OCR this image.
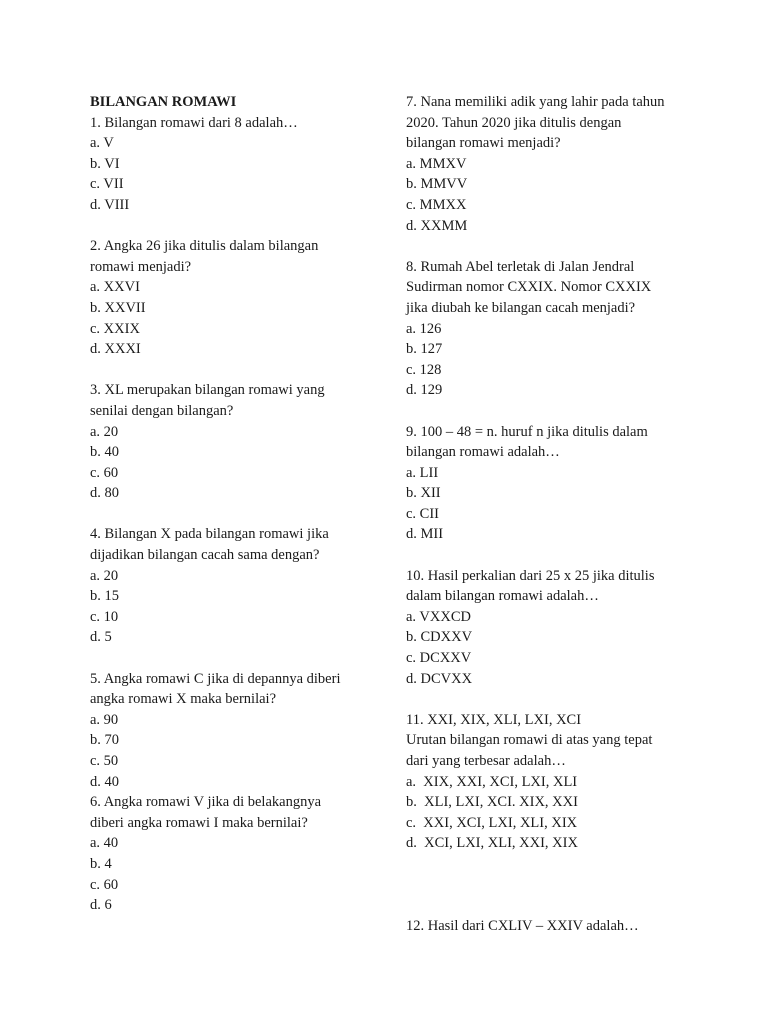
BILANGAN ROMAWI
1. Bilangan romawi dari 8 adalah…
a. V
b. VI
c. VII
d. VIII
2. Angka 26 jika ditulis dalam bilangan
romawi menjadi?
a. XXVI
b. XXVII
c. XXIX
d. XXXI
3. XL merupakan bilangan romawi yang
senilai dengan bilangan?
a. 20
b. 40
c. 60
d. 80
4. Bilangan X pada bilangan romawi jika
dijadikan bilangan cacah sama dengan?
a. 20
b. 15
c. 10
d. 5
5. Angka romawi C jika di depannya diberi
angka romawi X maka bernilai?
a. 90
b. 70
c. 50
d. 40
6. Angka romawi V jika di belakangnya
diberi angka romawi I maka bernilai?
a. 40
b. 4
c. 60
d. 6
7. Nana memiliki adik yang lahir pada tahun
2020. Tahun 2020 jika ditulis dengan
bilangan romawi menjadi?
a. MMXV
b. MMVV
c. MMXX
d. XXMM
8. Rumah Abel terletak di Jalan Jendral
Sudirman nomor CXXIX. Nomor CXXIX
jika diubah ke bilangan cacah menjadi?
a. 126
b. 127
c. 128
d. 129
9. 100 – 48 = n. huruf n jika ditulis dalam
bilangan romawi adalah…
a. LII
b. XII
c. CII
d. MII
10. Hasil perkalian dari 25 x 25 jika ditulis
dalam bilangan romawi adalah…
a. VXXCD
b. CDXXV
c. DCXXV
d. DCVXX
11. XXI, XIX, XLI, LXI, XCI
Urutan bilangan romawi di atas yang tepat
dari yang terbesar adalah…
a.  XIX, XXI, XCI, LXI, XLI
b.  XLI, LXI, XCI. XIX, XXI
c.  XXI, XCI, LXI, XLI, XIX
d.  XCI, LXI, XLI, XXI, XIX
12. Hasil dari CXLIV – XXIV adalah…
